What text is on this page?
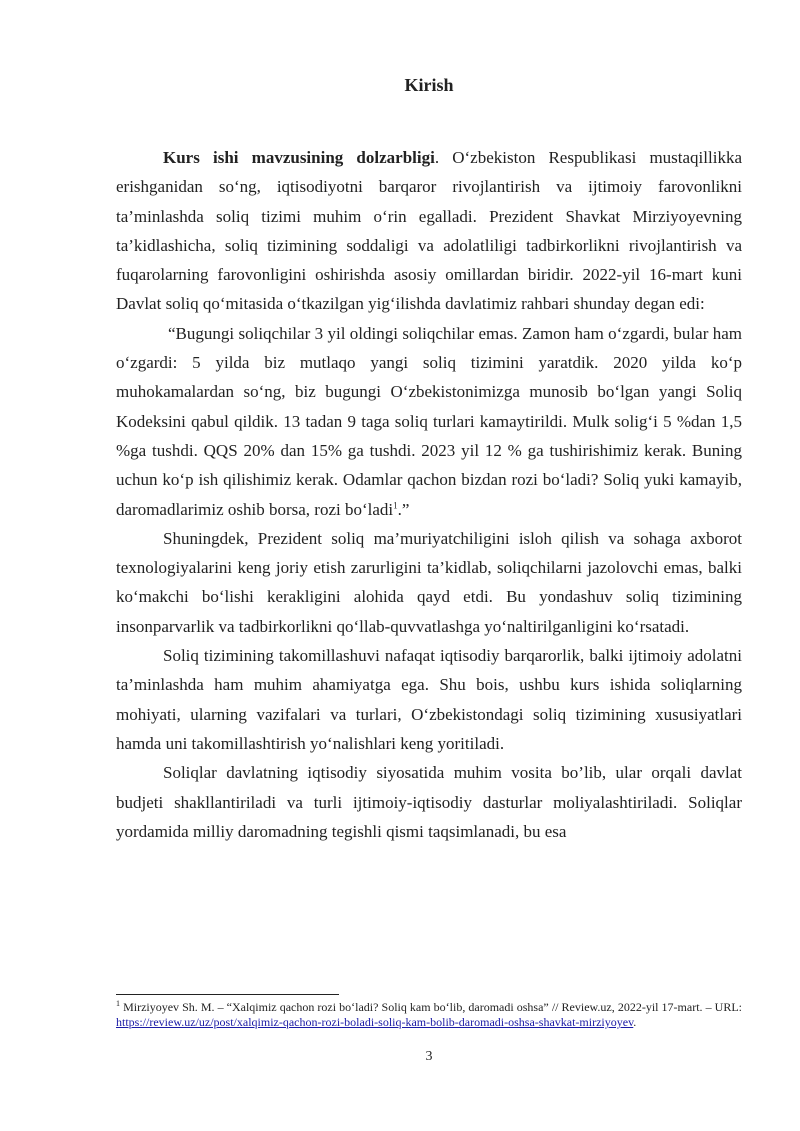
Kirish

Kurs ishi mavzusining dolzarbligi. O‘zbekiston Respublikasi mustaqillikka erishganidan so‘ng, iqtisodiyotni barqaror rivojlantirish va ijtimoiy farovonlikni ta’minlashda soliq tizimi muhim o‘rin egalladi. Prezident Shavkat Mirziyoyevning ta’kidlashicha, soliq tizimining soddaligi va adolatliligi tadbirkorlikni rivojlantirish va fuqarolarning farovonligini oshirishda asosiy omillardan biridir. 2022-yil 16-mart kuni Davlat soliq qo‘mitasida o‘tkazilgan yig‘ilishda davlatimiz rahbari shunday degan edi:

“Bugungi soliqchilar 3 yil oldingi soliqchilar emas. Zamon ham o‘zgardi, bular ham o‘zgardi: 5 yilda biz mutlaqo yangi soliq tizimini yaratdik. 2020 yilda ko‘p muhokamalardan so‘ng, biz bugungi O‘zbekistonimizga munosib bo‘lgan yangi Soliq Kodeksini qabul qildik. 13 tadan 9 taga soliq turlari kamaytirildi. Mulk solig‘i 5 %dan 1,5 %ga tushdi. QQS 20% dan 15% ga tushdi. 2023 yil 12 % ga tushirishimiz kerak. Buning uchun ko‘p ish qilishimiz kerak. Odamlar qachon bizdan rozi bo‘ladi? Soliq yuki kamayib, daromadlarimiz oshib borsa, rozi bo‘ladi$^1$.”

Shuningdek, Prezident soliq ma’muriyatchiligini isloh qilish va sohaga axborot texnologiyalarini keng joriy etish zarurligini ta’kidlab, soliqchilarni jazolovchi emas, balki ko‘makchi bo‘lishi kerakligini alohida qayd etdi. Bu yondashuv soliq tizimining insonparvarlik va tadbirkorlikni qo‘llab-quvvatlashga yo‘naltirilganligini ko‘rsatadi.

Soliq tizimining takomillashuvi nafaqat iqtisodiy barqarorlik, balki ijtimoiy adolatni ta’minlashda ham muhim ahamiyatga ega. Shu bois, ushbu kurs ishida soliqlarning mohiyati, ularning vazifalari va turlari, O‘zbekistondagi soliq tizimining xususiyatlari hamda uni takomillashtirish yo‘nalishlari keng yoritiladi.

Soliqlar davlatning iqtisodiy siyosatida muhim vosita bo’lib, ular orqali davlat budjeti shakllantiriladi va turli ijtimoiy-iqtisodiy dasturlar moliyalashtiriladi. Soliqlar yordamida milliy daromadning tegishli qismi taqsimlanadi, bu esa

$^1$ Mirziyoyev Sh. M. – “Xalqimiz qachon rozi bo‘ladi? Soliq kam bo‘lib, daromadi oshsa” // Review.uz, 2022-yil 17-mart. – URL: https://review.uz/uz/post/xalqimiz-qachon-rozi-boladi-soliq-kam-bolib-daromadi-oshsa-shavkat-mirziyoyev.
3
